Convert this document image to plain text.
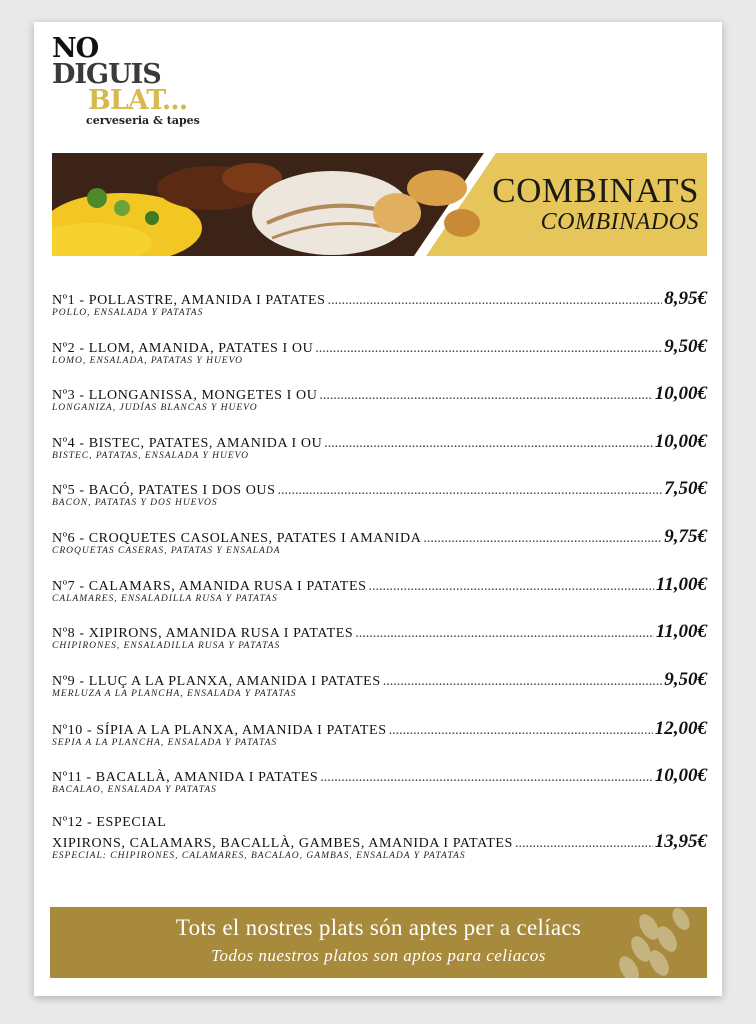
NO
DIGUIS
BLAT...
cerveseria & tapes
COMBINATS
COMBINADOS
Nº1 - POLLASTRE, AMANIDA I PATATES .....	8,95€
POLLO, ENSALADA Y PATATAS
Nº2 - LLOM, AMANIDA, PATATES I OU .....	9,50€
LOMO, ENSALADA, PATATAS Y HUEVO
Nº3 - LLONGANISSA, MONGETES I OU .....	10,00€
LONGANIZA, JUDÍAS BLANCAS Y HUEVO
Nº4 - BISTEC, PATATES, AMANIDA I OU .....	10,00€
BISTEC, PATATAS, ENSALADA Y HUEVO
Nº5 - BACÓ, PATATES I DOS OUS .....	7,50€
BACON, PATATAS Y DOS HUEVOS
Nº6 - CROQUETES CASOLANES, PATATES I AMANIDA .....	9,75€
CROQUETAS CASERAS, PATATAS Y ENSALADA
Nº7 - CALAMARS, AMANIDA RUSA I PATATES .....	11,00€
CALAMARES, ENSALADILLA RUSA Y PATATAS
Nº8 - XIPIRONS, AMANIDA RUSA I PATATES .....	11,00€
CHIPIRONES, ENSALADILLA RUSA Y PATATAS
Nº9 - LLUÇ A LA PLANXA, AMANIDA I PATATES .....	9,50€
MERLUZA A LA PLANCHA, ENSALADA Y PATATAS
Nº10 - SÍPIA A LA PLANXA, AMANIDA I PATATES .....	12,00€
SEPIA A LA PLANCHA, ENSALADA Y PATATAS
Nº11 - BACALLÀ, AMANIDA I PATATES .....	10,00€
BACALAO, ENSALADA Y PATATAS
Nº12 - ESPECIAL
XIPIRONS, CALAMARS, BACALLÀ, GAMBES, AMANIDA I PATATES .....	13,95€
ESPECIAL: CHIPIRONES, CALAMARES, BACALAO, GAMBAS, ENSALADA Y PATATAS
Tots el nostres plats són aptes per a celíacs
Todos nuestros platos son aptos para celiacos
